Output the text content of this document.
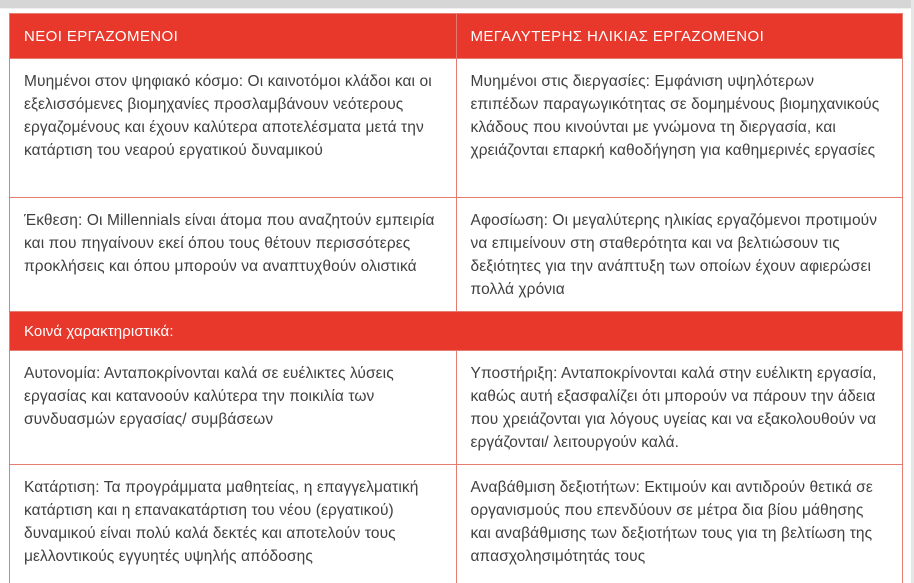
ΝΕΟΙ ΕΡΓΑΖΟΜΕΝΟΙ	ΜΕΓΑΛΥΤΕΡΗΣ ΗΛΙΚΙΑΣ ΕΡΓΑΖΟΜΕΝΟΙ
Μυημένοι στον ψηφιακό κόσμο: Οι καινοτόμοι κλάδοι και οι εξελισσόμενες βιομηχανίες προσλαμβάνουν νεότερους εργαζομένους και έχουν καλύτερα αποτελέσματα μετά την κατάρτιση του νεαρού εργατικού δυναμικού	Μυημένοι στις διεργασίες: Εμφάνιση υψηλότερων επιπέδων παραγωγικότητας σε δομημένους βιομηχανικούς κλάδους που κινούνται με γνώμονα τη διεργασία, και χρειάζονται επαρκή καθοδήγηση για καθημερινές εργασίες
Έκθεση: Οι Millennials είναι άτομα που αναζητούν εμπειρία και που πηγαίνουν εκεί όπου τους θέτουν περισσότερες προκλήσεις και όπου μπορούν να αναπτυχθούν ολιστικά	Αφοσίωση: Οι μεγαλύτερης ηλικίας εργαζόμενοι προτιμούν να επιμείνουν στη σταθερότητα και να βελτιώσουν τις δεξιότητες για την ανάπτυξη των οποίων έχουν αφιερώσει πολλά χρόνια
Κοινά χαρακτηριστικά:	
Αυτονομία: Ανταποκρίνονται καλά σε ευέλικτες λύσεις εργασίας και κατανοούν καλύτερα την ποικιλία των συνδυασμών εργασίας/ συμβάσεων	Υποστήριξη: Ανταποκρίνονται καλά στην ευέλικτη εργασία, καθώς αυτή εξασφαλίζει ότι μπορούν να πάρουν την άδεια που χρειάζονται για λόγους υγείας και να εξακολουθούν να εργάζονται/ λειτουργούν καλά.
Κατάρτιση: Τα προγράμματα μαθητείας, η επαγγελματική κατάρτιση και η επανακατάρτιση του νέου (εργατικού) δυναμικού είναι πολύ καλά δεκτές και αποτελούν τους μελλοντικούς εγγυητές υψηλής απόδοσης	Αναβάθμιση δεξιοτήτων: Εκτιμούν και αντιδρούν θετικά σε οργανισμούς που επενδύουν σε μέτρα δια βίου μάθησης και αναβάθμισης των δεξιοτήτων τους για τη βελτίωση της απασχολησιμότητάς τους
